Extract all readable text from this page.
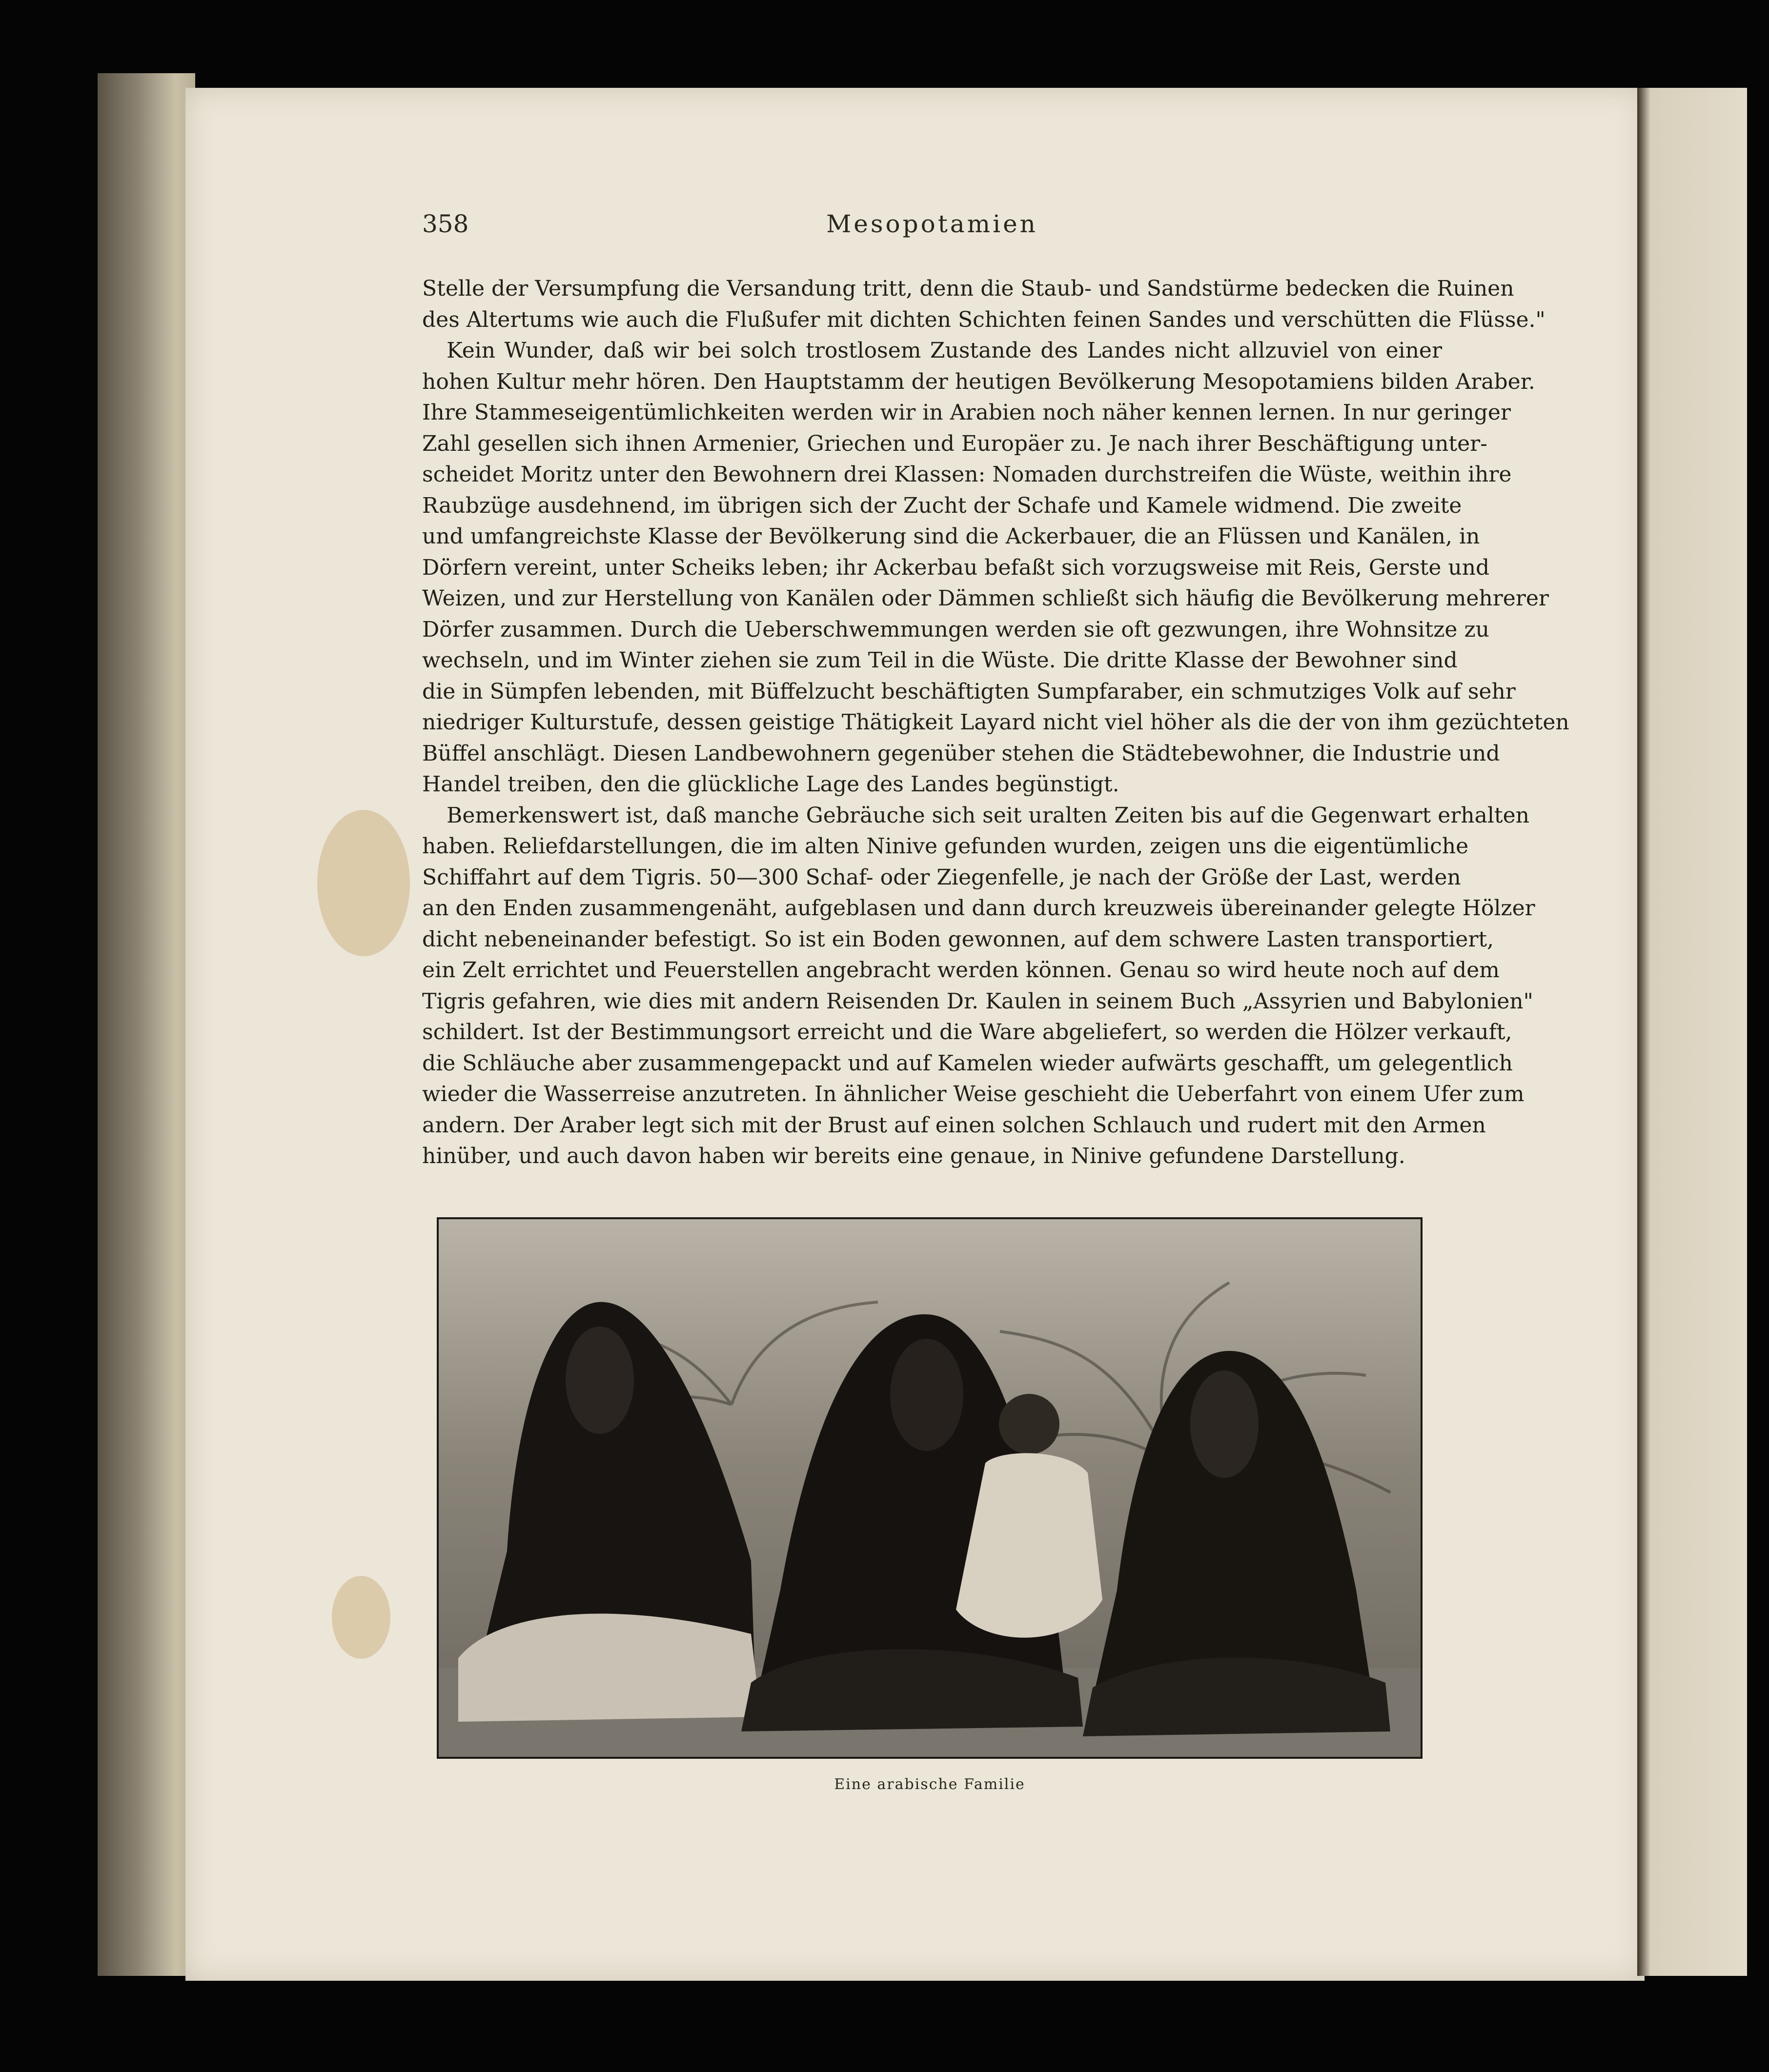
358	Mesopotamien
Stelle der Versumpfung die Versandung tritt, denn die Staub- und Sandstürme bedecken die Ruinen
des Altertums wie auch die Flußufer mit dichten Schichten feinen Sandes und verschütten die Flüsse."
Kein Wunder, daß wir bei solch trostlosem Zustande des Landes nicht allzuviel von einer
hohen Kultur mehr hören. Den Hauptstamm der heutigen Bevölkerung Mesopotamiens bilden Araber.
Ihre Stammeseigentümlichkeiten werden wir in Arabien noch näher kennen lernen. In nur geringer
Zahl gesellen sich ihnen Armenier, Griechen und Europäer zu. Je nach ihrer Beschäftigung unter-
scheidet Moritz unter den Bewohnern drei Klassen: Nomaden durchstreifen die Wüste, weithin ihre
Raubzüge ausdehnend, im übrigen sich der Zucht der Schafe und Kamele widmend. Die zweite
und umfangreichste Klasse der Bevölkerung sind die Ackerbauer, die an Flüssen und Kanälen, in
Dörfern vereint, unter Scheiks leben; ihr Ackerbau befaßt sich vorzugsweise mit Reis, Gerste und
Weizen, und zur Herstellung von Kanälen oder Dämmen schließt sich häufig die Bevölkerung mehrerer
Dörfer zusammen. Durch die Ueberschwemmungen werden sie oft gezwungen, ihre Wohnsitze zu
wechseln, und im Winter ziehen sie zum Teil in die Wüste. Die dritte Klasse der Bewohner sind
die in Sümpfen lebenden, mit Büffelzucht beschäftigten Sumpfaraber, ein schmutziges Volk auf sehr
niedriger Kulturstufe, dessen geistige Thätigkeit Layard nicht viel höher als die der von ihm gezüchteten
Büffel anschlägt. Diesen Landbewohnern gegenüber stehen die Städtebewohner, die Industrie und
Handel treiben, den die glückliche Lage des Landes begünstigt.
Bemerkenswert ist, daß manche Gebräuche sich seit uralten Zeiten bis auf die Gegenwart erhalten
haben. Reliefdarstellungen, die im alten Ninive gefunden wurden, zeigen uns die eigentümliche
Schiffahrt auf dem Tigris. 50—300 Schaf- oder Ziegenfelle, je nach der Größe der Last, werden
an den Enden zusammengenäht, aufgeblasen und dann durch kreuzweis übereinander gelegte Hölzer
dicht nebeneinander befestigt. So ist ein Boden gewonnen, auf dem schwere Lasten transportiert,
ein Zelt errichtet und Feuerstellen angebracht werden können. Genau so wird heute noch auf dem
Tigris gefahren, wie dies mit andern Reisenden Dr. Kaulen in seinem Buch „Assyrien und Babylonien"
schildert. Ist der Bestimmungsort erreicht und die Ware abgeliefert, so werden die Hölzer verkauft,
die Schläuche aber zusammengepackt und auf Kamelen wieder aufwärts geschafft, um gelegentlich
wieder die Wasserreise anzutreten. In ähnlicher Weise geschieht die Ueberfahrt von einem Ufer zum
andern. Der Araber legt sich mit der Brust auf einen solchen Schlauch und rudert mit den Armen
hinüber, und auch davon haben wir bereits eine genaue, in Ninive gefundene Darstellung.
Eine arabische Familie
